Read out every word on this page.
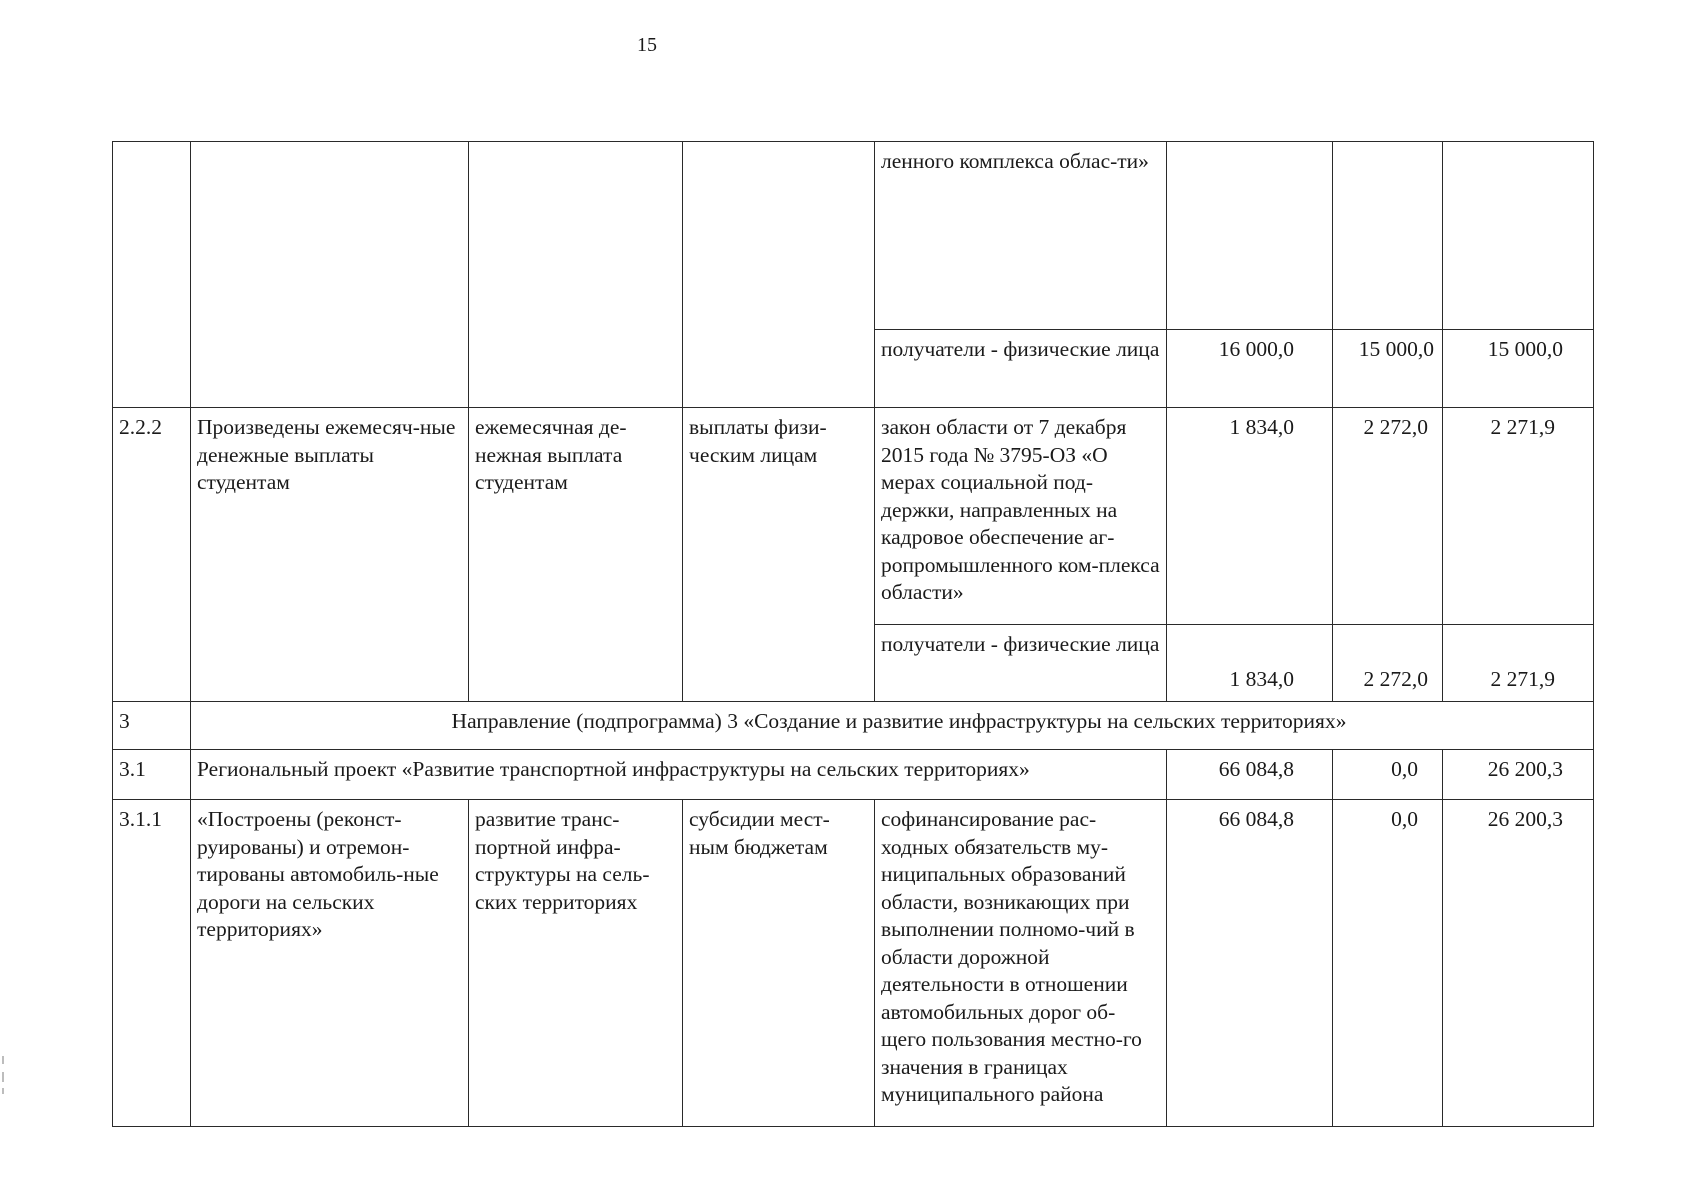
15
				ленного комплекса облас-ти»			
				получатели - физические лица	16 000,0	15 000,0	15 000,0
2.2.2	Произведены ежемесяч-ные денежные выплаты студентам	ежемесячная де-нежная выплата студентам	выплаты физи-ческим лицам	закон области от 7 декабря 2015 года № 3795-ОЗ «О мерах социальной под-держки, направленных на кадровое обеспечение аг-ропромышленного ком-плекса области»	1 834,0	2 272,0	2 271,9
				получатели - физические лица	1 834,0	2 272,0	2 271,9
3	Направление (подпрограмма) 3 «Создание и развитие инфраструктуры на сельских территориях»						
3.1	Региональный проект «Развитие транспортной инфраструктуры на сельских территориях»				66 084,8	0,0	26 200,3
3.1.1	«Построены (реконст-руированы) и отремон-тированы автомобиль-ные дороги на сельских территориях»	развитие транс-портной инфра-структуры на сель-ских территориях	субсидии мест-ным бюджетам	софинансирование рас-ходных обязательств му-ниципальных образований области, возникающих при выполнении полномо-чий в области дорожной деятельности в отношении автомобильных дорог об-щего пользования местно-го значения в границах муниципального района	66 084,8	0,0	26 200,3
